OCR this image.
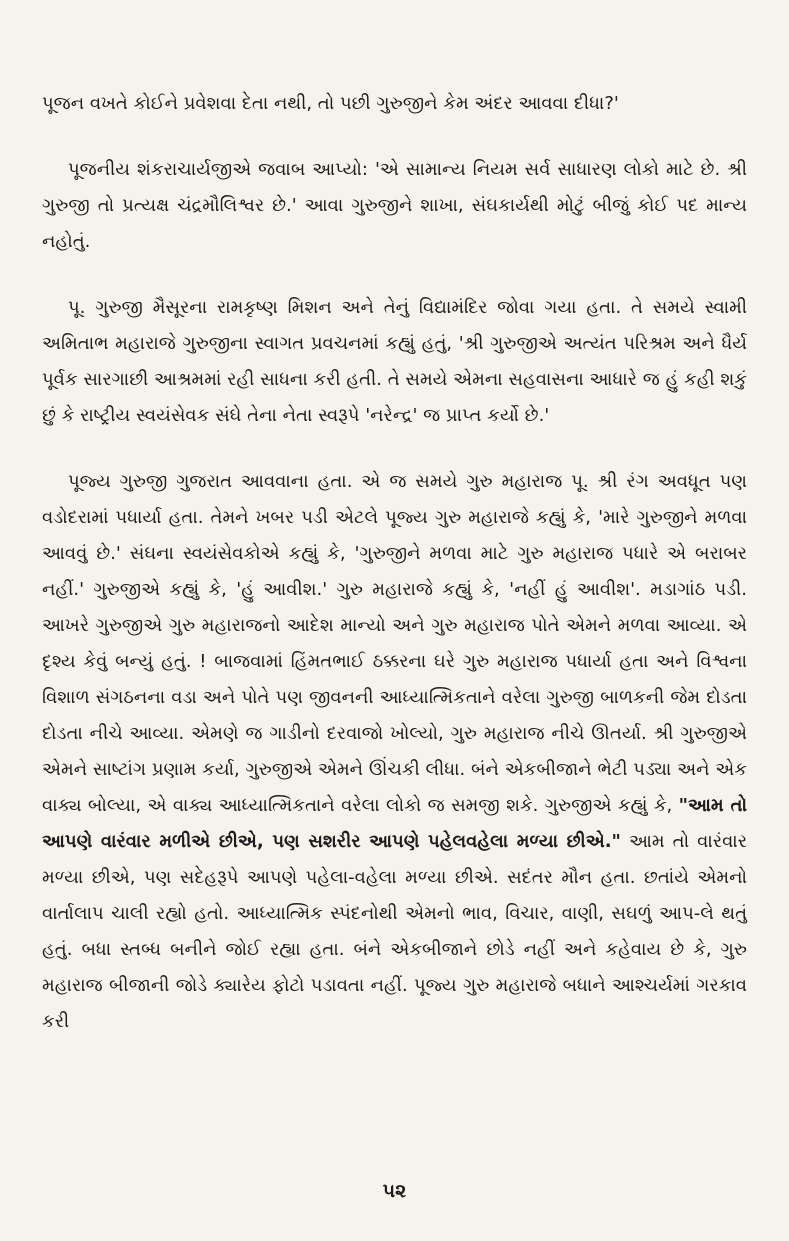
પૂજન વખતે કોઈને પ્રવેશવા દેતા નથી, તો પછી ગુરુજીને કેમ અંદર આવવા દીધા?'

પૂજનીય શંકરાચાર્યજીએ જવાબ આપ્યો: 'એ સામાન્ય નિયમ સર્વ સાધારણ લોકો માટે છે. શ્રી ગુરુજી તો પ્રત્યક્ષ ચંદ્રમૌલિશ્વર છે.' આવા ગુરુજીને શાખા, સંઘકાર્યથી મોટું બીજું કોઈ પદ માન્ય નહોતું.

પૂ. ગુરુજી મૈસૂરના રામકૃષ્ણ મિશન અને તેનું વિદ્યામંદિર જોવા ગયા હતા. તે સમયે સ્વામી અમિતાભ મહારાજે ગુરુજીના સ્વાગત પ્રવચનમાં કહ્યું હતું, 'શ્રી ગુરુજીએ અત્યંત પરિશ્રમ અને ધૈર્ય પૂર્વક સારગાછી આશ્રમમાં રહી સાધના કરી હતી. તે સમયે એમના સહવાસના આધારે જ હું કહી શકું છું કે રાષ્ટ્રીય સ્વયંસેવક સંઘે તેના નેતા સ્વરૂપે 'નરેન્દ્ર' જ પ્રાપ્ત કર્યો છે.'

પૂજ્ય ગુરુજી ગુજરાત આવવાના હતા. એ જ સમયે ગુરુ મહારાજ પૂ. શ્રી રંગ અવધૂત પણ વડોદરામાં પધાર્યા હતા. તેમને ખબર પડી એટલે પૂજ્ય ગુરુ મહારાજે કહ્યું કે, 'મારે ગુરુજીને મળવા આવવું છે.' સંઘના સ્વયંસેવકોએ કહ્યું કે, 'ગુરુજીને મળવા માટે ગુરુ મહારાજ પધારે એ બરાબર નહીં.' ગુરુજીએ કહ્યું કે, 'હું આવીશ.' ગુરુ મહારાજે કહ્યું કે, 'નહીં હું આવીશ'. મડાગાંઠ પડી. આખરે ગુરુજીએ ગુરુ મહારાજનો આદેશ માન્યો અને ગુરુ મહારાજ પોતે એમને મળવા આવ્યા. એ દૃશ્ય કેવું બન્યું હતું. ! બાજવામાં હિંમતભાઈ ઠક્કરના ઘરે ગુરુ મહારાજ પધાર્યા હતા અને વિશ્વના વિશાળ સંગઠનના વડા અને પોતે પણ જીવનની આધ્યાત્મિકતાને વરેલા ગુરુજી બાળકની જેમ દોડતા દોડતા નીચે આવ્યા. એમણે જ ગાડીનો દરવાજો ખોલ્યો, ગુરુ મહારાજ નીચે ઊતર્યા. શ્રી ગુરુજીએ એમને સાષ્ટાંગ પ્રણામ કર્યા, ગુરુજીએ એમને ઊંચકી લીધા. બંને એકબીજાને ભેટી પડ્યા અને એક વાક્ય બોલ્યા, એ વાક્ય આધ્યાત્મિકતાને વરેલા લોકો જ સમજી શકે. ગુરુજીએ કહ્યું કે, "આમ તો આપણે વારંવાર મળીએ છીએ, પણ સશરીર આપણે પહેલવહેલા મળ્યા છીએ." આમ તો વારંવાર મળ્યા છીએ, પણ સદેહરૂપે આપણે પહેલા-વહેલા મળ્યા છીએ. સદંતર મૌન હતા. છતાંયે એમનો વાર્તાલાપ ચાલી રહ્યો હતો. આધ્યાત્મિક સ્પંદનોથી એમનો ભાવ, વિચાર, વાણી, સઘળું આપ-લે થતું હતું. બધા સ્તબ્ધ બનીને જોઈ રહ્યા હતા. બંને એકબીજાને છોડે નહીં અને કહેવાય છે કે, ગુરુ મહારાજ બીજાની જોડે ક્યારેય ફોટો પડાવતા નહીં. પૂજ્ય ગુરુ મહારાજે બધાને આશ્ચર્યમાં ગરકાવ કરી

૫૨
